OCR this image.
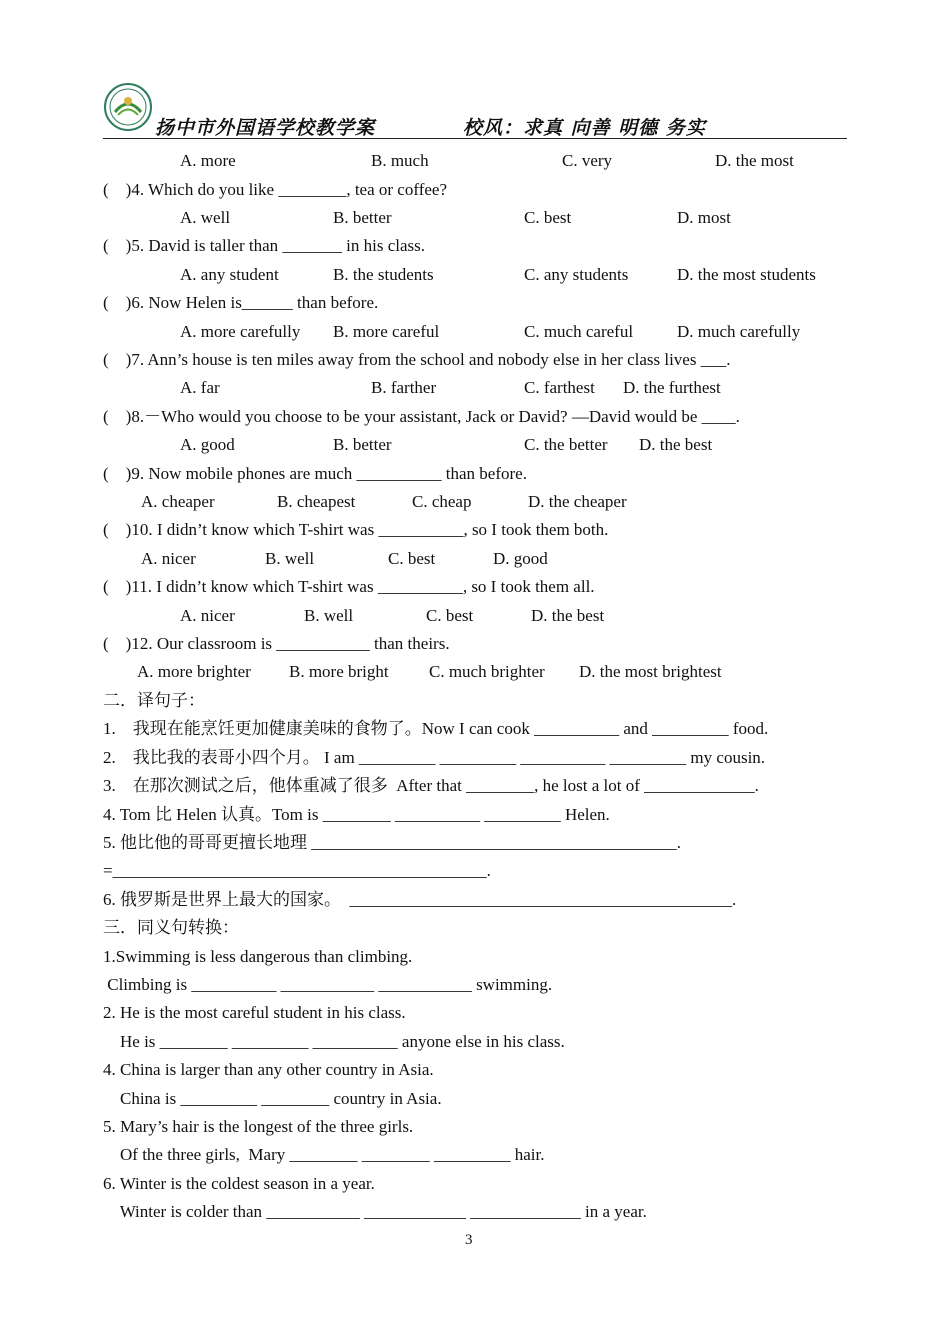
扬中市外国语学校教学案	校风：求真 向善 明德 务实
A. more	B. much	C. very	D. the most
(    )4. Which do you like ________, tea or coffee?
A. well	B. better	C. best	D. most
(    )5. David is taller than _______ in his class.
A. any student	B. the students	C. any students	D. the most students
(    )6. Now Helen is______ than before.
A. more carefully B. more careful	C. much careful	D. much carefully
(    )7. Ann’s house is ten miles away from the school and nobody else in her class lives ___.
A. far	B. farther	C. farthest D. the furthest
(    )8.－Who would you choose to be your assistant, Jack or David? —David would be ____.
A. good	B. better	C. the better D. the best
(    )9. Now mobile phones are much __________ than before.
A. cheaper	B. cheapest	C. cheap	D. the cheaper
(    )10. I didn’t know which T-shirt was __________, so I took them both.
A. nicer	B. well	C. best	D. good
(    )11. I didn’t know which T-shirt was __________, so I took them all.
A. nicer	B. well	C. best	D. the best
(    )12. Our classroom is ___________ than theirs.
A. more brighter B. more bright C. much brighter D. the most brightest
二．译句子：
1.    我现在能烹饪更加健康美味的食物了。Now I can cook __________ and _________ food.
2.    我比我的表哥小四个月。 I am _________ _________ __________ _________ my cousin.
3.    在那次测试之后，他体重减了很多  After that ________, he lost a lot of _____________.
4. Tom 比 Helen 认真。Tom is ________ __________ _________ Helen.
5. 他比他的哥哥更擅长地理 ___________________________________________.
=____________________________________________.
6. 俄罗斯是世界上最大的国家。  _____________________________________________.
三．同义句转换：
1.Swimming is less dangerous than climbing.
Climbing is __________ ___________ ___________ swimming.
2. He is the most careful student in his class.
He is ________ _________ __________ anyone else in his class.
4. China is larger than any other country in Asia.
China is _________ ________ country in Asia.
5. Mary’s hair is the longest of the three girls.
Of the three girls,  Mary ________ ________ _________ hair.
6. Winter is the coldest season in a year.
Winter is colder than ___________ ____________ _____________ in a year.
3
